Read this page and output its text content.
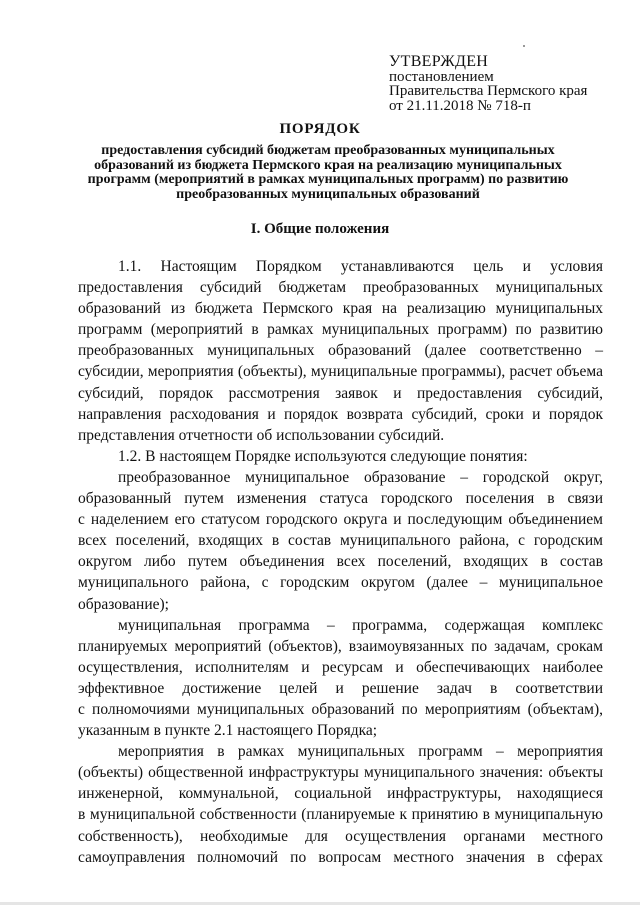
УТВЕРЖДЕН
постановлением
Правительства Пермского края
от 21.11.2018 № 718-п
ПОРЯДОК
предоставления субсидий бюджетам преобразованных муниципальных
образований из бюджета Пермского края на реализацию муниципальных
программ (мероприятий в рамках муниципальных программ) по развитию
преобразованных муниципальных образований
I. Общие положения
1.1. Настоящим Порядком устанавливаются цель и условия
предоставления субсидий бюджетам преобразованных муниципальных
образований из бюджета Пермского края на реализацию муниципальных
программ (мероприятий в рамках муниципальных программ) по развитию
преобразованных муниципальных образований (далее соответственно –
субсидии, мероприятия (объекты), муниципальные программы), расчет объема
субсидий, порядок рассмотрения заявок и предоставления субсидий,
направления расходования и порядок возврата субсидий, сроки и порядок
представления отчетности об использовании субсидий.
1.2. В настоящем Порядке используются следующие понятия:
преобразованное муниципальное образование – городской округ,
образованный путем изменения статуса городского поселения в связи
с наделением его статусом городского округа и последующим объединением
всех поселений, входящих в состав муниципального района, с городским
округом либо путем объединения всех поселений, входящих в состав
муниципального района, с городским округом (далее – муниципальное
образование);
муниципальная программа – программа, содержащая комплекс
планируемых мероприятий (объектов), взаимоувязанных по задачам, срокам
осуществления, исполнителям и ресурсам и обеспечивающих наиболее
эффективное достижение целей и решение задач в соответствии
с полномочиями муниципальных образований по мероприятиям (объектам),
указанным в пункте 2.1 настоящего Порядка;
мероприятия в рамках муниципальных программ – мероприятия
(объекты) общественной инфраструктуры муниципального значения: объекты
инженерной, коммунальной, социальной инфраструктуры, находящиеся
в муниципальной собственности (планируемые к принятию в муниципальную
собственность), необходимые для осуществления органами местного
самоуправления полномочий по вопросам местного значения в сферах
